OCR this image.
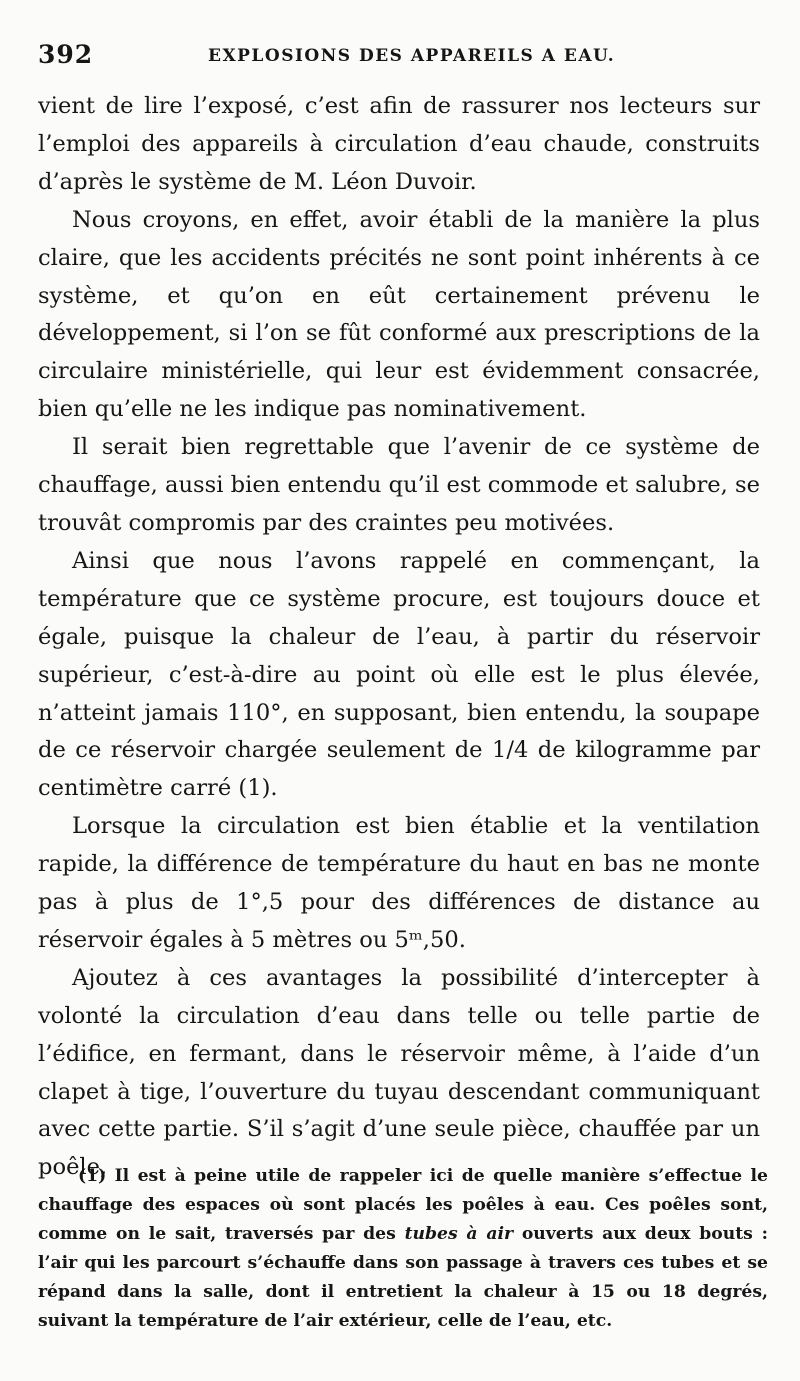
392	EXPLOSIONS DES APPAREILS A EAU.

vient de lire l’exposé, c’est afin de rassurer nos lecteurs sur l’emploi des appareils à circulation d’eau chaude, construits d’après le système de M. Léon Duvoir.

Nous croyons, en effet, avoir établi de la manière la plus claire, que les accidents précités ne sont point inhérents à ce système, et qu’on en eût certainement prévenu le développement, si l’on se fût conformé aux prescriptions de la circulaire ministérielle, qui leur est évidemment consacrée, bien qu’elle ne les indique pas nominativement.

Il serait bien regrettable que l’avenir de ce système de chauffage, aussi bien entendu qu’il est commode et salubre, se trouvât compromis par des craintes peu motivées.

Ainsi que nous l’avons rappelé en commençant, la température que ce système procure, est toujours douce et égale, puisque la chaleur de l’eau, à partir du réservoir supérieur, c’est-à-dire au point où elle est le plus élevée, n’atteint jamais 110°, en supposant, bien entendu, la soupape de ce réservoir chargée seulement de 1/4 de kilogramme par centimètre carré (1).

Lorsque la circulation est bien établie et la ventilation rapide, la différence de température du haut en bas ne monte pas à plus de 1°,5 pour des différences de distance au réservoir égales à 5 mètres ou 5ᵐ,50.

Ajoutez à ces avantages la possibilité d’intercepter à volonté la circulation d’eau dans telle ou telle partie de l’édifice, en fermant, dans le réservoir même, à l’aide d’un clapet à tige, l’ouverture du tuyau descendant communiquant avec cette partie. S’il s’agit d’une seule pièce, chauffée par un poêle,

(1) Il est à peine utile de rappeler ici de quelle manière s’effectue le chauffage des espaces où sont placés les poêles à eau. Ces poêles sont, comme on le sait, traversés par des tubes à air ouverts aux deux bouts : l’air qui les parcourt s’échauffe dans son passage à travers ces tubes et se répand dans la salle, dont il entretient la chaleur à 15 ou 18 degrés, suivant la température de l’air extérieur, celle de l’eau, etc.
